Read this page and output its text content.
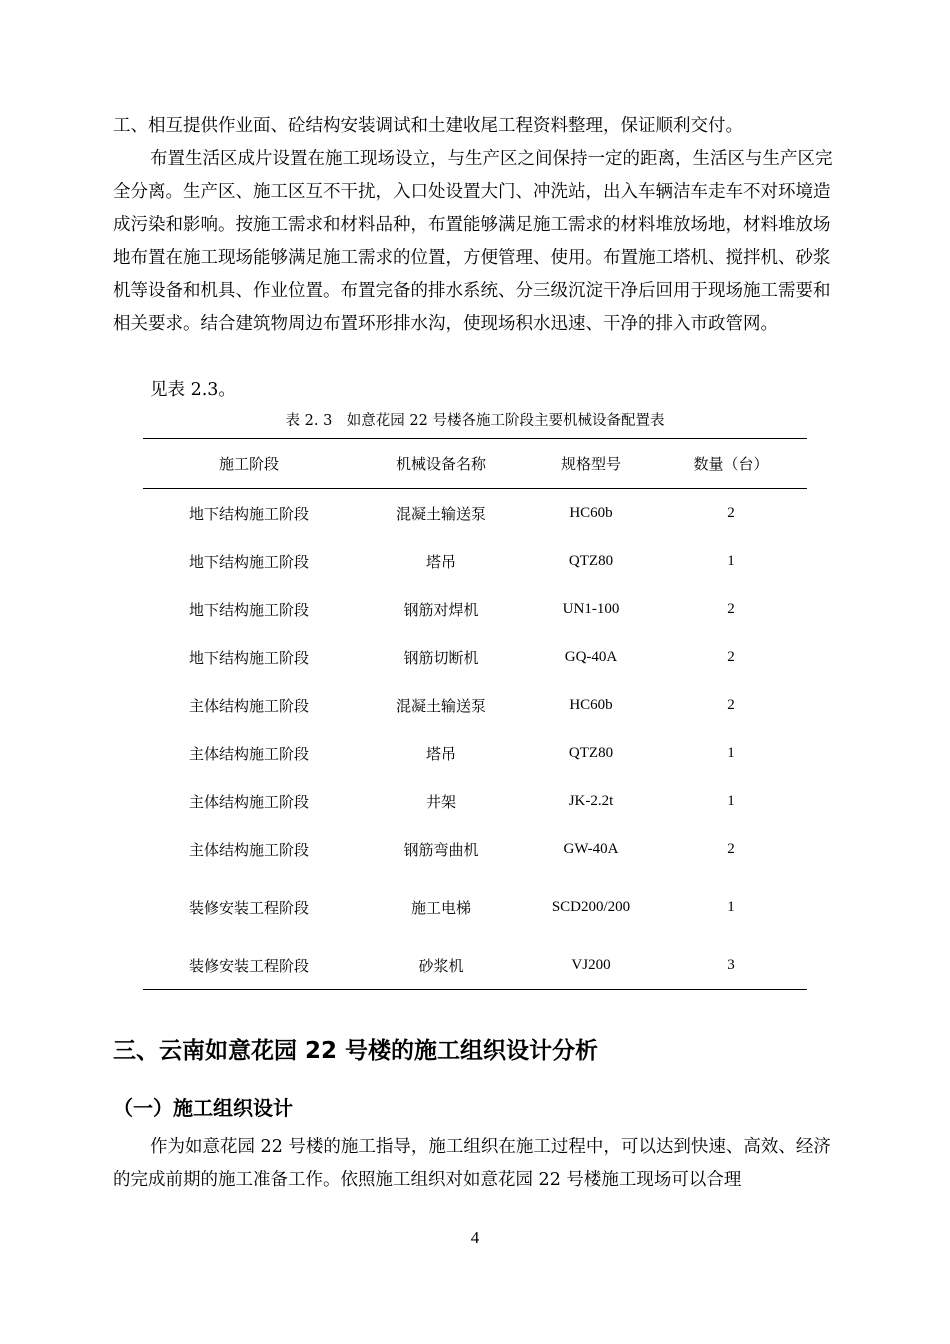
工、相互提供作业面、砼结构安装调试和土建收尾工程资料整理，保证顺利交付。

布置生活区成片设置在施工现场设立，与生产区之间保持一定的距离，生活区与生产区完全分离。生产区、施工区互不干扰，入口处设置大门、冲洗站，出入车辆洁车走车不对环境造成污染和影响。按施工需求和材料品种，布置能够满足施工需求的材料堆放场地，材料堆放场地布置在施工现场能够满足施工需求的位置，方便管理、使用。布置施工塔机、搅拌机、砂浆机等设备和机具、作业位置。布置完备的排水系统、分三级沉淀干净后回用于现场施工需要和相关要求。结合建筑物周边布置环形排水沟，使现场积水迅速、干净的排入市政管网。

见表 2.3。

表 2. 3　如意花园 22 号楼各施工阶段主要机械设备配置表
施工阶段	机械设备名称	规格型号	数量（台）
地下结构施工阶段	混凝土输送泵	HC60b	2
地下结构施工阶段	塔吊	QTZ80	1
地下结构施工阶段	钢筋对焊机	UN1-100	2
地下结构施工阶段	钢筋切断机	GQ-40A	2
主体结构施工阶段	混凝土输送泵	HC60b	2
主体结构施工阶段	塔吊	QTZ80	1
主体结构施工阶段	井架	JK-2.2t	1
主体结构施工阶段	钢筋弯曲机	GW-40A	2
装修安装工程阶段	施工电梯	SCD200/200	1
装修安装工程阶段	砂浆机	VJ200	3
三、云南如意花园 22 号楼的施工组织设计分析
（一）施工组织设计

作为如意花园 22 号楼的施工指导，施工组织在施工过程中，可以达到快速、高效、经济的完成前期的施工准备工作。依照施工组织对如意花园 22 号楼施工现场可以合理

4
